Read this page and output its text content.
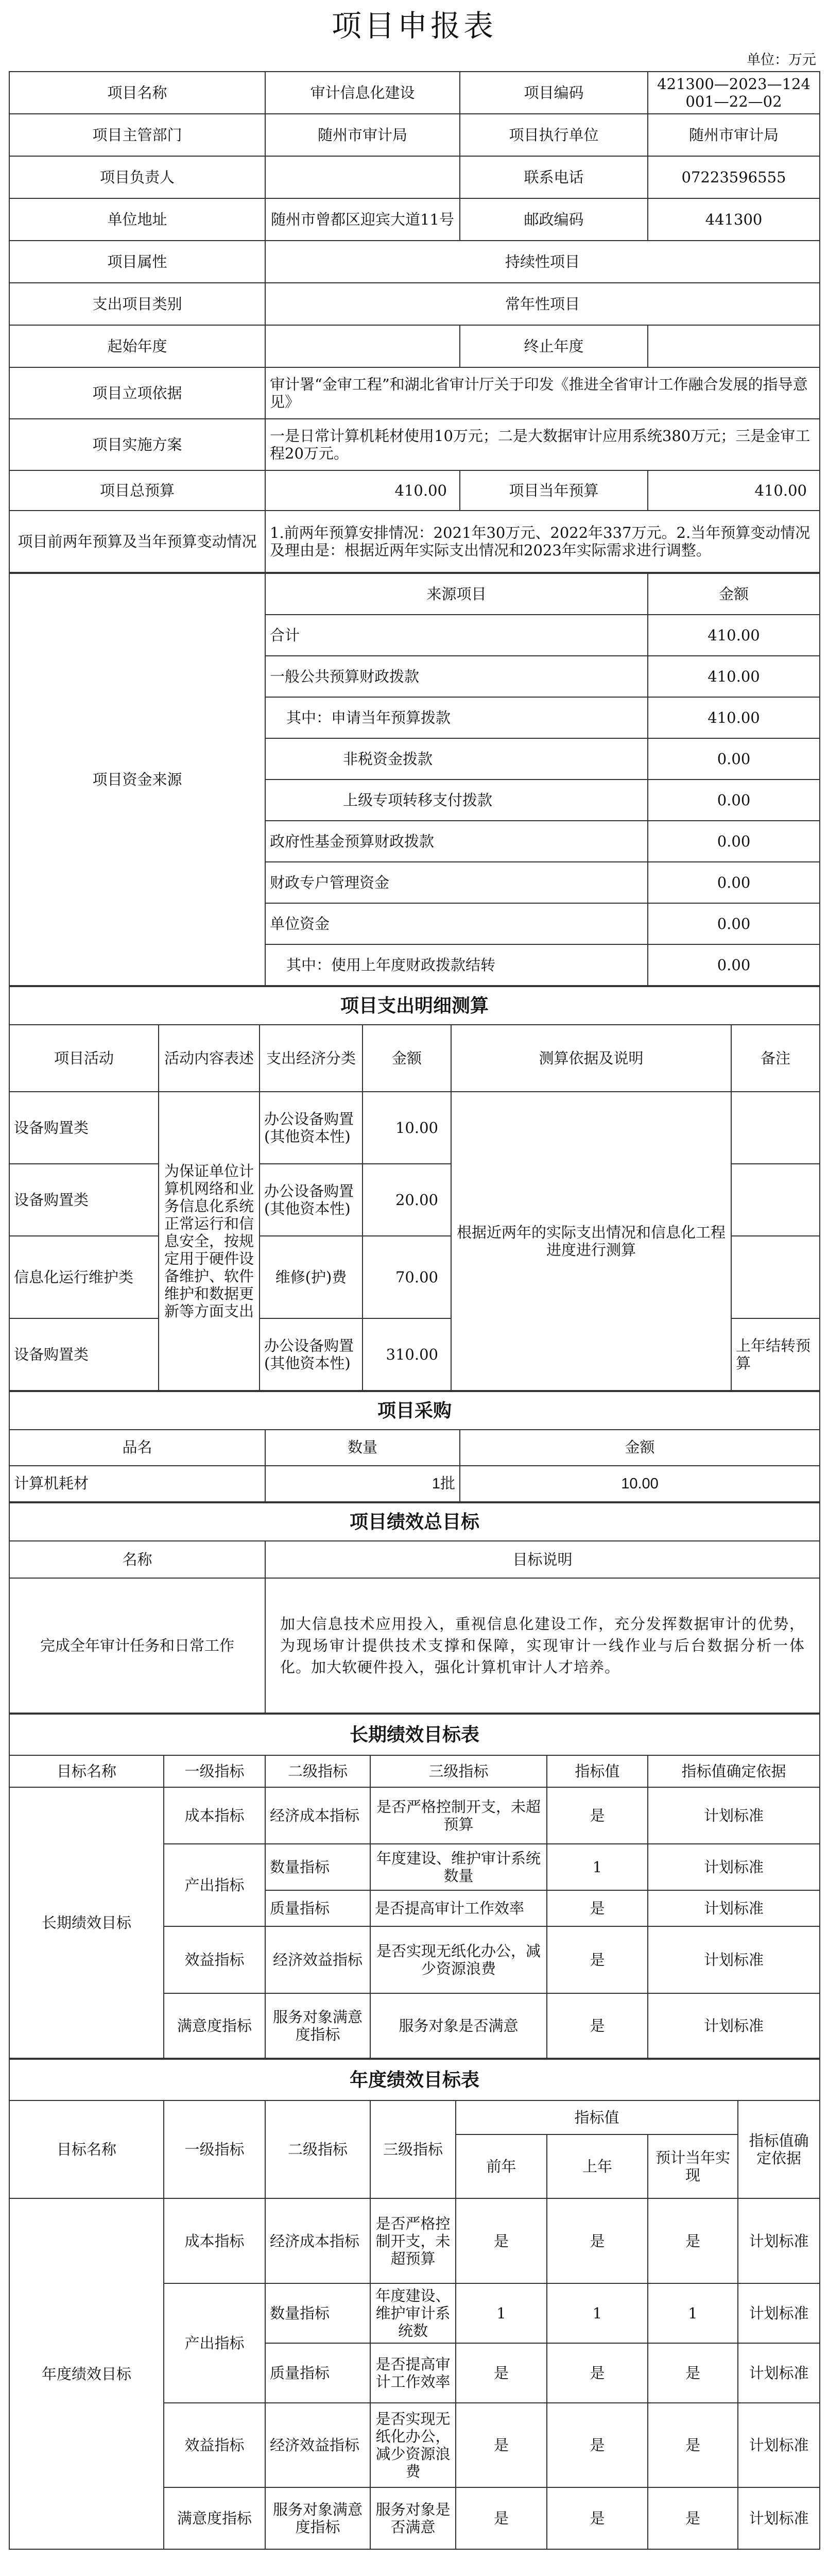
项目申报表
单位：万元
项目名称	审计信息化建设	项目编码	421300—2023—124001—22—02
项目主管部门	随州市审计局	项目执行单位	随州市审计局
项目负责人		联系电话	07223596555
单位地址	随州市曾都区迎宾大道11号	邮政编码	441300
项目属性	持续性项目		
支出项目类别	常年性项目		
起始年度		终止年度	
项目立项依据	审计署“金审工程”和湖北省审计厅关于印发《推进全省审计工作融合发展的指导意见》		
项目实施方案	一是日常计算机耗材使用10万元；二是大数据审计应用系统380万元；三是金审工程20万元。		
项目总预算	410.00	项目当年预算	410.00
项目前两年预算及当年预算变动情况	1.前两年预算安排情况：2021年30万元、2022年337万元。2.当年预算变动情况及理由是：根据近两年实际支出情况和2023年实际需求进行调整。		
项目资金来源	来源项目	金额
	合计	410.00
	一般公共预算财政拨款	410.00
	其中：申请当年预算拨款	410.00
	非税资金拨款	0.00
	上级专项转移支付拨款	0.00
	政府性基金预算财政拨款	0.00
	财政专户管理资金	0.00
	单位资金	0.00
	其中：使用上年度财政拨款结转	0.00
项目支出明细测算					
项目活动	活动内容表述	支出经济分类	金额	测算依据及说明	备注
设备购置类	为保证单位计算机网络和业务信息化系统正常运行和信息安全，按规定用于硬件设备维护、软件维护和数据更新等方面支出	办公设备购置(其他资本性)	10.00	根据近两年的实际支出情况和信息化工程进度进行测算	
设备购置类		办公设备购置(其他资本性)	20.00		
信息化运行维护类		维修(护)费	70.00		
设备购置类		办公设备购置(其他资本性)	310.00		上年结转预算
项目采购		
品名	数量	金额
计算机耗材	1批	10.00
项目绩效总目标	
名称	目标说明
完成全年审计任务和日常工作	加大信息技术应用投入，重视信息化建设工作，充分发挥数据审计的优势，为现场审计提供技术支撑和保障，实现审计一线作业与后台数据分析一体化。加大软硬件投入，强化计算机审计人才培养。
长期绩效目标表					
目标名称	一级指标	二级指标	三级指标	指标值	指标值确定依据
长期绩效目标	成本指标	经济成本指标	是否严格控制开支，未超预算	是	计划标准
	产出指标	数量指标	年度建设、维护审计系统数量	1	计划标准
		质量指标	是否提高审计工作效率	是	计划标准
	效益指标	经济效益指标	是否实现无纸化办公，减少资源浪费	是	计划标准
	满意度指标	服务对象满意度指标	服务对象是否满意	是	计划标准
年度绩效目标表							
目标名称	一级指标	二级指标	三级指标	指标值			指标值确定依据
				前年	上年	预计当年实现	
年度绩效目标	成本指标	经济成本指标	是否严格控制开支，未超预算	是	是	是	计划标准
	产出指标	数量指标	年度建设、维护审计系统数	1	1	1	计划标准
		质量指标	是否提高审计工作效率	是	是	是	计划标准
	效益指标	经济效益指标	是否实现无纸化办公，减少资源浪费	是	是	是	计划标准
	满意度指标	服务对象满意度指标	服务对象是否满意	是	是	是	计划标准
